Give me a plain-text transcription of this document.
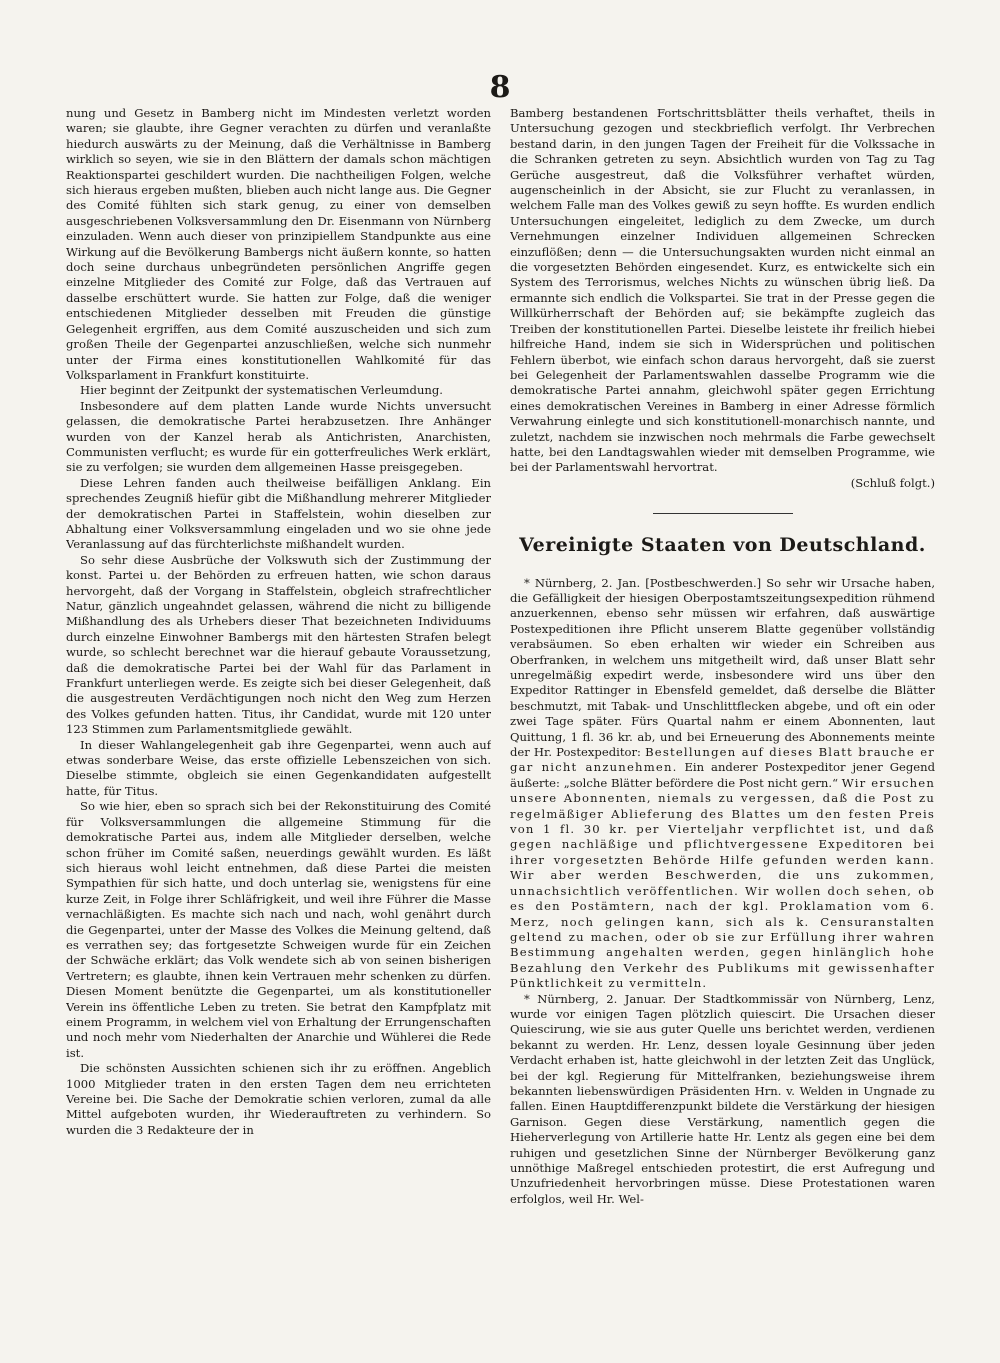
8

nung und Gesetz in Bamberg nicht im Mindesten verletzt worden waren; sie glaubte, ihre Gegner verachten zu dürfen und veranlaßte hiedurch auswärts zu der Meinung, daß die Verhältnisse in Bamberg wirklich so seyen, wie sie in den Blättern der damals schon mächtigen Reaktionspartei geschildert wurden. Die nachtheiligen Folgen, welche sich hieraus ergeben mußten, blieben auch nicht lange aus. Die Gegner des Comité fühlten sich stark genug, zu einer von demselben ausgeschriebenen Volksversammlung den Dr. Eisenmann von Nürnberg einzuladen. Wenn auch dieser von prinzipiellem Standpunkte aus eine Wirkung auf die Bevölkerung Bambergs nicht äußern konnte, so hatten doch seine durchaus unbegründeten persönlichen Angriffe gegen einzelne Mitglieder des Comité zur Folge, daß das Vertrauen auf dasselbe erschüttert wurde. Sie hatten zur Folge, daß die weniger entschiedenen Mitglieder desselben mit Freuden die günstige Gelegenheit ergriffen, aus dem Comité auszuscheiden und sich zum großen Theile der Gegenpartei anzuschließen, welche sich nunmehr unter der Firma eines konstitutionellen Wahlkomité für das Volksparlament in Frankfurt konstituirte.

Hier beginnt der Zeitpunkt der systematischen Verleumdung.

Insbesondere auf dem platten Lande wurde Nichts unversucht gelassen, die demokratische Partei herabzusetzen. Ihre Anhänger wurden von der Kanzel herab als Antichristen, Anarchisten, Communisten verflucht; es wurde für ein gotterfreuliches Werk erklärt, sie zu verfolgen; sie wurden dem allgemeinen Hasse preisgegeben.

Diese Lehren fanden auch theilweise beifälligen Anklang. Ein sprechendes Zeugniß hiefür gibt die Mißhandlung mehrerer Mitglieder der demokratischen Partei in Staffelstein, wohin dieselben zur Abhaltung einer Volksversammlung eingeladen und wo sie ohne jede Veranlassung auf das fürchterlichste mißhandelt wurden.

So sehr diese Ausbrüche der Volkswuth sich der Zustimmung der konst. Partei u. der Behörden zu erfreuen hatten, wie schon daraus hervorgeht, daß der Vorgang in Staffelstein, obgleich strafrechtlicher Natur, gänzlich ungeahndet gelassen, während die nicht zu billigende Mißhandlung des als Urhebers dieser That bezeichneten Individuums durch einzelne Einwohner Bambergs mit den härtesten Strafen belegt wurde, so schlecht berechnet war die hierauf gebaute Voraussetzung, daß die demokratische Partei bei der Wahl für das Parlament in Frankfurt unterliegen werde. Es zeigte sich bei dieser Gelegenheit, daß die ausgestreuten Verdächtigungen noch nicht den Weg zum Herzen des Volkes gefunden hatten. Titus, ihr Candidat, wurde mit 120 unter 123 Stimmen zum Parlamentsmitgliede gewählt.

In dieser Wahlangelegenheit gab ihre Gegenpartei, wenn auch auf etwas sonderbare Weise, das erste offizielle Lebenszeichen von sich. Dieselbe stimmte, obgleich sie einen Gegenkandidaten aufgestellt hatte, für Titus.

So wie hier, eben so sprach sich bei der Rekonstituirung des Comité für Volksversammlungen die allgemeine Stimmung für die demokratische Partei aus, indem alle Mitglieder derselben, welche schon früher im Comité saßen, neuerdings gewählt wurden. Es läßt sich hieraus wohl leicht entnehmen, daß diese Partei die meisten Sympathien für sich hatte, und doch unterlag sie, wenigstens für eine kurze Zeit, in Folge ihrer Schläfrigkeit, und weil ihre Führer die Masse vernachläßigten. Es machte sich nach und nach, wohl genährt durch die Gegenpartei, unter der Masse des Volkes die Meinung geltend, daß es verrathen sey; das fortgesetzte Schweigen wurde für ein Zeichen der Schwäche erklärt; das Volk wendete sich ab von seinen bisherigen Vertretern; es glaubte, ihnen kein Vertrauen mehr schenken zu dürfen. Diesen Moment benützte die Gegenpartei, um als konstitutioneller Verein ins öffentliche Leben zu treten. Sie betrat den Kampfplatz mit einem Programm, in welchem viel von Erhaltung der Errungenschaften und noch mehr vom Niederhalten der Anarchie und Wühlerei die Rede ist.

Die schönsten Aussichten schienen sich ihr zu eröffnen. Angeblich 1000 Mitglieder traten in den ersten Tagen dem neu errichteten Vereine bei. Die Sache der Demokratie schien verloren, zumal da alle Mittel aufgeboten wurden, ihr Wiederauftreten zu verhindern. So wurden die 3 Redakteure der in

Bamberg bestandenen Fortschrittsblätter theils verhaftet, theils in Untersuchung gezogen und steckbrieflich verfolgt. Ihr Verbrechen bestand darin, in den jungen Tagen der Freiheit für die Volkssache in die Schranken getreten zu seyn. Absichtlich wurden von Tag zu Tag Gerüche ausgestreut, daß die Volksführer verhaftet würden, augenscheinlich in der Absicht, sie zur Flucht zu veranlassen, in welchem Falle man des Volkes gewiß zu seyn hoffte. Es wurden endlich Untersuchungen eingeleitet, lediglich zu dem Zwecke, um durch Vernehmungen einzelner Individuen allgemeinen Schrecken einzuflößen; denn — die Untersuchungsakten wurden nicht einmal an die vorgesetzten Behörden eingesendet. Kurz, es entwickelte sich ein System des Terrorismus, welches Nichts zu wünschen übrig ließ. Da ermannte sich endlich die Volkspartei. Sie trat in der Presse gegen die Willkürherrschaft der Behörden auf; sie bekämpfte zugleich das Treiben der konstitutionellen Partei. Dieselbe leistete ihr freilich hiebei hilfreiche Hand, indem sie sich in Widersprüchen und politischen Fehlern überbot, wie einfach schon daraus hervorgeht, daß sie zuerst bei Gelegenheit der Parlamentswahlen dasselbe Programm wie die demokratische Partei annahm, gleichwohl später gegen Errichtung eines demokratischen Vereines in Bamberg in einer Adresse förmlich Verwahrung einlegte und sich konstitutionell-monarchisch nannte, und zuletzt, nachdem sie inzwischen noch mehrmals die Farbe gewechselt hatte, bei den Landtagswahlen wieder mit demselben Programme, wie bei der Parlamentswahl hervortrat.

(Schluß folgt.)

Vereinigte Staaten von Deutschland.

* Nürnberg, 2. Jan. [Postbeschwerden.] So sehr wir Ursache haben, die Gefälligkeit der hiesigen Oberpostamtszeitungsexpedition rühmend anzuerkennen, ebenso sehr müssen wir erfahren, daß auswärtige Postexpeditionen ihre Pflicht unserem Blatte gegenüber vollständig verabsäumen. So eben erhalten wir wieder ein Schreiben aus Oberfranken, in welchem uns mitgetheilt wird, daß unser Blatt sehr unregelmäßig expedirt werde, insbesondere wird uns über den Expeditor Rattinger in Ebensfeld gemeldet, daß derselbe die Blätter beschmutzt, mit Tabak- und Unschlittflecken abgebe, und oft ein oder zwei Tage später. Fürs Quartal nahm er einem Abonnenten, laut Quittung, 1 fl. 36 kr. ab, und bei Erneuerung des Abonnements meinte der Hr. Postexpeditor: Bestellungen auf dieses Blatt brauche er gar nicht anzunehmen. Ein anderer Postexpeditor jener Gegend äußerte: „solche Blätter befördere die Post nicht gern.“ Wir ersuchen unsere Abonnenten, niemals zu vergessen, daß die Post zu regelmäßiger Ablieferung des Blattes um den festen Preis von 1 fl. 30 kr. per Vierteljahr verpflichtet ist, und daß gegen nachläßige und pflichtvergessene Expeditoren bei ihrer vorgesetzten Behörde Hilfe gefunden werden kann. Wir aber werden Beschwerden, die uns zukommen, unnachsichtlich veröffentlichen. Wir wollen doch sehen, ob es den Postämtern, nach der kgl. Proklamation vom 6. Merz, noch gelingen kann, sich als k. Censuranstalten geltend zu machen, oder ob sie zur Erfüllung ihrer wahren Bestimmung angehalten werden, gegen hinlänglich hohe Bezahlung den Verkehr des Publikums mit gewissenhafter Pünktlichkeit zu vermitteln.

* Nürnberg, 2. Januar. Der Stadtkommissär von Nürnberg, Lenz, wurde vor einigen Tagen plötzlich quiescirt. Die Ursachen dieser Quiescirung, wie sie aus guter Quelle uns berichtet werden, verdienen bekannt zu werden. Hr. Lenz, dessen loyale Gesinnung über jeden Verdacht erhaben ist, hatte gleichwohl in der letzten Zeit das Unglück, bei der kgl. Regierung für Mittelfranken, beziehungsweise ihrem bekannten liebenswürdigen Präsidenten Hrn. v. Welden in Ungnade zu fallen. Einen Hauptdifferenzpunkt bildete die Verstärkung der hiesigen Garnison. Gegen diese Verstärkung, namentlich gegen die Hieherverlegung von Artillerie hatte Hr. Lentz als gegen eine bei dem ruhigen und gesetzlichen Sinne der Nürnberger Bevölkerung ganz unnöthige Maßregel entschieden protestirt, die erst Aufregung und Unzufriedenheit hervorbringen müsse. Diese Protestationen waren erfolglos, weil Hr. Wel-
